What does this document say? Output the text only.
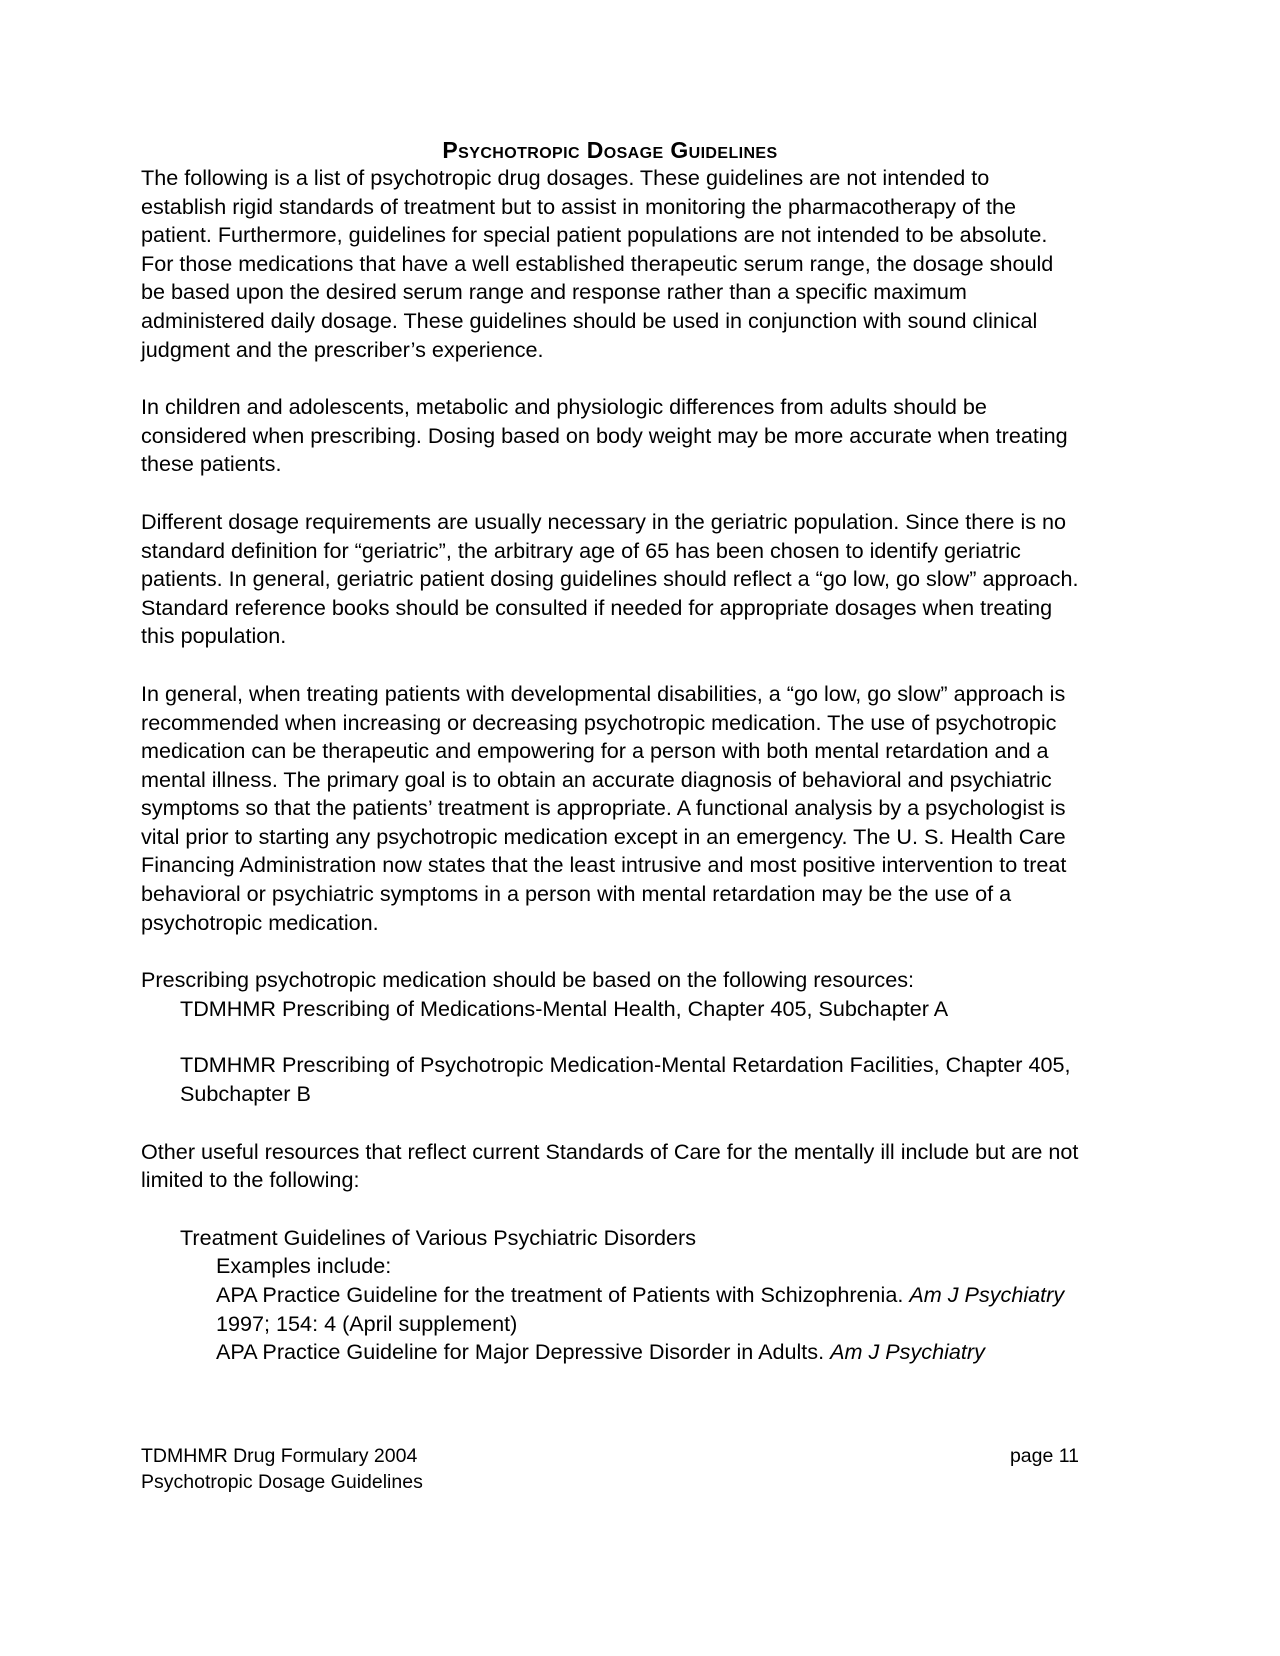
Psychotropic Dosage Guidelines

The following is a list of psychotropic drug dosages. These guidelines are not intended to establish rigid standards of treatment but to assist in monitoring the pharmacotherapy of the patient. Furthermore, guidelines for special patient populations are not intended to be absolute. For those medications that have a well established therapeutic serum range, the dosage should be based upon the desired serum range and response rather than a specific maximum administered daily dosage. These guidelines should be used in conjunction with sound clinical judgment and the prescriber’s experience.

In children and adolescents, metabolic and physiologic differences from adults should be considered when prescribing. Dosing based on body weight may be more accurate when treating these patients.

Different dosage requirements are usually necessary in the geriatric population. Since there is no standard definition for “geriatric”, the arbitrary age of 65 has been chosen to identify geriatric patients. In general, geriatric patient dosing guidelines should reflect a “go low, go slow” approach. Standard reference books should be consulted if needed for appropriate dosages when treating this population.

In general, when treating patients with developmental disabilities, a “go low, go slow” approach is recommended when increasing or decreasing psychotropic medication. The use of psychotropic medication can be therapeutic and empowering for a person with both mental retardation and a mental illness. The primary goal is to obtain an accurate diagnosis of behavioral and psychiatric symptoms so that the patients’ treatment is appropriate. A functional analysis by a psychologist is vital prior to starting any psychotropic medication except in an emergency. The U. S. Health Care Financing Administration now states that the least intrusive and most positive intervention to treat behavioral or psychiatric symptoms in a person with mental retardation may be the use of a psychotropic medication.

Prescribing psychotropic medication should be based on the following resources:

TDMHMR Prescribing of Medications-Mental Health, Chapter 405, Subchapter A

TDMHMR Prescribing of Psychotropic Medication-Mental Retardation Facilities, Chapter 405, Subchapter B

Other useful resources that reflect current Standards of Care for the mentally ill include but are not limited to the following:

Treatment Guidelines of Various Psychiatric Disorders

Examples include:

APA Practice Guideline for the treatment of Patients with Schizophrenia. Am J Psychiatry 1997; 154: 4 (April supplement)

APA Practice Guideline for Major Depressive Disorder in Adults. Am J Psychiatry

TDMHMR Drug Formulary 2004
Psychotropic Dosage Guidelines
page 11
